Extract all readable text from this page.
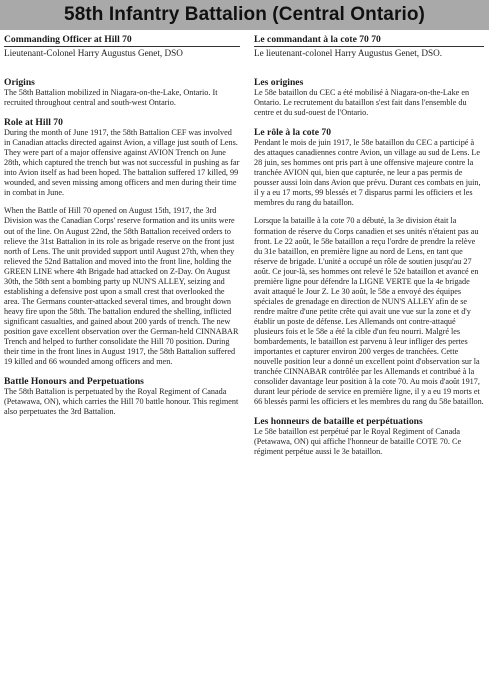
58th Infantry Battalion (Central Ontario)
Commanding Officer at Hill 70

Lieutenant-Colonel Harry Augustus Genet, DSO

Origins

The 58th Battalion mobilized in Niagara-on-the-Lake, Ontario. It recruited throughout central and south-west Ontario.

Role at Hill 70

During the month of June 1917, the 58th Battalion CEF was involved in Canadian attacks directed against Avion, a village just south of Lens. They were part of a major offensive against AVION Trench on June 28th, which captured the trench but was not successful in pushing as far into Avion itself as had been hoped. The battalion suffered 17 killed, 99 wounded, and seven missing among officers and men during their time in combat in June.

When the Battle of Hill 70 opened on August 15th, 1917, the 3rd Division was the Canadian Corps' reserve formation and its units were out of the line. On August 22nd, the 58th Battalion received orders to relieve the 31st Battalion in its role as brigade reserve on the front just north of Lens. The unit provided support until August 27th, when they relieved the 52nd Battalion and moved into the front line, holding the GREEN LINE where 4th Brigade had attacked on Z-Day. On August 30th, the 58th sent a bombing party up NUN'S ALLEY, seizing and establishing a defensive post upon a small crest that overlooked the area. The Germans counter-attacked several times, and brought down heavy fire upon the 58th. The battalion endured the shelling, inflicted significant casualties, and gained about 200 yards of trench. The new position gave excellent observation over the German-held CINNABAR Trench and helped to further consolidate the Hill 70 position. During their time in the front lines in August 1917, the 58th Battalion suffered 19 killed and 66 wounded among officers and men.

Battle Honours and Perpetuations

The 58th Battalion is perpetuated by the Royal Regiment of Canada (Petawawa, ON), which carries the Hill 70 battle honour. This regiment also perpetuates the 3rd Battalion.

Le commandant à la cote 70 70

Le lieutenant-colonel Harry Augustus Genet, DSO.

Les origines

Le 58e bataillon du CEC a été mobilisé à Niagara-on-the-Lake en Ontario. Le recrutement du bataillon s'est fait dans l'ensemble du centre et du sud-ouest de l'Ontario.

Le rôle à la cote 70

Pendant le mois de juin 1917, le 58e bataillon du CEC a participé à des attaques canadiennes contre Avion, un village au sud de Lens. Le 28 juin, ses hommes ont pris part à une offensive majeure contre la tranchée AVION qui, bien que capturée, ne leur a pas permis de pousser aussi loin dans Avion que prévu. Durant ces combats en juin, il y a eu 17 morts, 99 blessés et 7 disparus parmi les officiers et les membres du rang du bataillon.

Lorsque la bataille à la cote 70 a débuté, la 3e division était la formation de réserve du Corps canadien et ses unités n'étaient pas au front. Le 22 août, le 58e bataillon a reçu l'ordre de prendre la relève du 31e bataillon, en première ligne au nord de Lens, en tant que réserve de brigade. L'unité a occupé un rôle de soutien jusqu'au 27 août. Ce jour-là, ses hommes ont relevé le 52e bataillon et avancé en première ligne pour défendre la LIGNE VERTE que la 4e brigade avait attaqué le Jour Z. Le 30 août, le 58e a envoyé des équipes spéciales de grenadage en direction de NUN'S ALLEY afin de se rendre maître d'une petite crête qui avait une vue sur la zone et d'y établir un poste de défense. Les Allemands ont contre-attaqué plusieurs fois et le 58e a été la cible d'un feu nourri. Malgré les bombardements, le bataillon est parvenu à leur infliger des pertes importantes et capturer environ 200 verges de tranchées. Cette nouvelle position leur a donné un excellent point d'observation sur la tranchée CINNABAR contrôlée par les Allemands et contribué à la consolider davantage leur position à la cote 70. Au mois d'août 1917, durant leur période de service en première ligne, il y a eu 19 morts et 66 blessés parmi les officiers et les membres du rang du 58e bataillon.

Les honneurs de bataille et perpétuations

Le 58e bataillon est perpétué par le Royal Regiment of Canada (Petawawa, ON) qui affiche l'honneur de bataille COTE 70. Ce régiment perpétue aussi le 3e bataillon.
